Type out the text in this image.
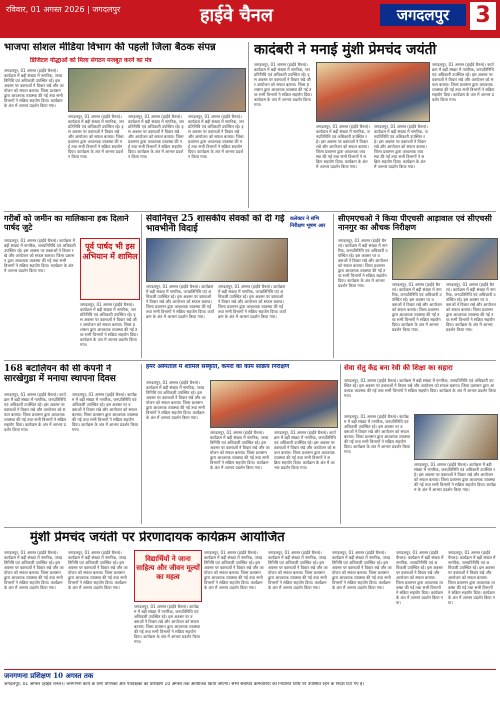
रविवार, 01 अगस्त 2026 | जगदलपुर	हाईवे चैनल	जगदलपुर	3
भाजपा सोशल मीडिया विभाग की पहली जिला बैठक संपन्न
डिजिटल योद्धाओं को मिला संगठन मजबूत करने का मंत्र
जगदलपुर, 01 अगस्त (हाईवे चैनल)। कार्यक्रम में बड़ी संख्या में नागरिक, जनप्रतिनिधि एवं अधिकारी उपस्थित रहे। इस अवसर पर वक्ताओं ने विचार रखे और आयोजन को सफल बताया। जिला प्रशासन द्वारा आवश्यक व्यवस्था की गई तथा सभी विभागों ने सक्रिय सहयोग दिया। कार्यक्रम के अंत में आभार प्रदर्शन किया गया।
जगदलपुर, 01 अगस्त (हाईवे चैनल)। कार्यक्रम में बड़ी संख्या में नागरिक, जनप्रतिनिधि एवं अधिकारी उपस्थित रहे। इस अवसर पर वक्ताओं ने विचार रखे और आयोजन को सफल बताया। जिला प्रशासन द्वारा आवश्यक व्यवस्था की गई तथा सभी विभागों ने सक्रिय सहयोग दिया। कार्यक्रम के अंत में आभार प्रदर्शन किया गया।
जगदलपुर, 01 अगस्त (हाईवे चैनल)। कार्यक्रम में बड़ी संख्या में नागरिक, जनप्रतिनिधि एवं अधिकारी उपस्थित रहे। इस अवसर पर वक्ताओं ने विचार रखे और आयोजन को सफल बताया। जिला प्रशासन द्वारा आवश्यक व्यवस्था की गई तथा सभी विभागों ने सक्रिय सहयोग दिया। कार्यक्रम के अंत में आभार प्रदर्शन किया गया।
जगदलपुर, 01 अगस्त (हाईवे चैनल)। कार्यक्रम में बड़ी संख्या में नागरिक, जनप्रतिनिधि एवं अधिकारी उपस्थित रहे। इस अवसर पर वक्ताओं ने विचार रखे और आयोजन को सफल बताया। जिला प्रशासन द्वारा आवश्यक व्यवस्था की गई तथा सभी विभागों ने सक्रिय सहयोग दिया। कार्यक्रम के अंत में आभार प्रदर्शन किया गया।
कादंबरी ने मनाई मुंशी प्रेमचंद जयंती
जगदलपुर, 01 अगस्त (हाईवे चैनल)। कार्यक्रम में बड़ी संख्या में नागरिक, जनप्रतिनिधि एवं अधिकारी उपस्थित रहे। इस अवसर पर वक्ताओं ने विचार रखे और आयोजन को सफल बताया। जिला प्रशासन द्वारा आवश्यक व्यवस्था की गई तथा सभी विभागों ने सक्रिय सहयोग दिया। कार्यक्रम के अंत में आभार प्रदर्शन किया गया।
जगदलपुर, 01 अगस्त (हाईवे चैनल)। कार्यक्रम में बड़ी संख्या में नागरिक, जनप्रतिनिधि एवं अधिकारी उपस्थित रहे। इस अवसर पर वक्ताओं ने विचार रखे और आयोजन को सफल बताया। जिला प्रशासन द्वारा आवश्यक व्यवस्था की गई तथा सभी विभागों ने सक्रिय सहयोग दिया। कार्यक्रम के अंत में आभार प्रदर्शन किया गया।
जगदलपुर, 01 अगस्त (हाईवे चैनल)। कार्यक्रम में बड़ी संख्या में नागरिक, जनप्रतिनिधि एवं अधिकारी उपस्थित रहे। इस अवसर पर वक्ताओं ने विचार रखे और आयोजन को सफल बताया। जिला प्रशासन द्वारा आवश्यक व्यवस्था की गई तथा सभी विभागों ने सक्रिय सहयोग दिया। कार्यक्रम के अंत में आभार प्रदर्शन किया गया।
जगदलपुर, 01 अगस्त (हाईवे चैनल)। कार्यक्रम में बड़ी संख्या में नागरिक, जनप्रतिनिधि एवं अधिकारी उपस्थित रहे। इस अवसर पर वक्ताओं ने विचार रखे और आयोजन को सफल बताया। जिला प्रशासन द्वारा आवश्यक व्यवस्था की गई तथा सभी विभागों ने सक्रिय सहयोग दिया। कार्यक्रम के अंत में आभार प्रदर्शन किया गया।
गरीबों को जमीन का मालिकाना हक दिलाने पार्षद जुटे
पूर्व पार्षद भी इस अभियान में शामिल
जगदलपुर, 01 अगस्त (हाईवे चैनल)। कार्यक्रम में बड़ी संख्या में नागरिक, जनप्रतिनिधि एवं अधिकारी उपस्थित रहे। इस अवसर पर वक्ताओं ने विचार रखे और आयोजन को सफल बताया। जिला प्रशासन द्वारा आवश्यक व्यवस्था की गई तथा सभी विभागों ने सक्रिय सहयोग दिया। कार्यक्रम के अंत में आभार प्रदर्शन किया गया।
जगदलपुर, 01 अगस्त (हाईवे चैनल)। कार्यक्रम में बड़ी संख्या में नागरिक, जनप्रतिनिधि एवं अधिकारी उपस्थित रहे। इस अवसर पर वक्ताओं ने विचार रखे और आयोजन को सफल बताया। जिला प्रशासन द्वारा आवश्यक व्यवस्था की गई तथा सभी विभागों ने सक्रिय सहयोग दिया। कार्यक्रम के अंत में आभार प्रदर्शन किया गया।
सेवानिवृत्त 25 शासकीय सेवकों को दी गई भावभीनी विदाई
कलेक्टर ने संभि निरीक्षण भूषण आर
जगदलपुर, 01 अगस्त (हाईवे चैनल)। कार्यक्रम में बड़ी संख्या में नागरिक, जनप्रतिनिधि एवं अधिकारी उपस्थित रहे। इस अवसर पर वक्ताओं ने विचार रखे और आयोजन को सफल बताया। जिला प्रशासन द्वारा आवश्यक व्यवस्था की गई तथा सभी विभागों ने सक्रिय सहयोग दिया। कार्यक्रम के अंत में आभार प्रदर्शन किया गया।
जगदलपुर, 01 अगस्त (हाईवे चैनल)। कार्यक्रम में बड़ी संख्या में नागरिक, जनप्रतिनिधि एवं अधिकारी उपस्थित रहे। इस अवसर पर वक्ताओं ने विचार रखे और आयोजन को सफल बताया। जिला प्रशासन द्वारा आवश्यक व्यवस्था की गई तथा सभी विभागों ने सक्रिय सहयोग दिया। कार्यक्रम के अंत में आभार प्रदर्शन किया गया।
सीएमएचओ ने किया पीएचसी आड़ावाल एवं सीएचसी नानगुर का औचक निरीक्षण
जगदलपुर, 01 अगस्त (हाईवे चैनल)। कार्यक्रम में बड़ी संख्या में नागरिक, जनप्रतिनिधि एवं अधिकारी उपस्थित रहे। इस अवसर पर वक्ताओं ने विचार रखे और आयोजन को सफल बताया। जिला प्रशासन द्वारा आवश्यक व्यवस्था की गई तथा सभी विभागों ने सक्रिय सहयोग दिया। कार्यक्रम के अंत में आभार प्रदर्शन किया गया।	जगदलपुर, 01 अगस्त (हाईवे चैनल)। कार्यक्रम में बड़ी संख्या में नागरिक, जनप्रतिनिधि एवं अधिकारी उपस्थित रहे। इस अवसर पर वक्ताओं ने विचार रखे और आयोजन को सफल बताया। जिला प्रशासन द्वारा आवश्यक व्यवस्था की गई तथा सभी विभागों ने सक्रिय सहयोग दिया। कार्यक्रम के अंत में आभार प्रदर्शन किया गया।
जगदलपुर, 01 अगस्त (हाईवे चैनल)। कार्यक्रम में बड़ी संख्या में नागरिक, जनप्रतिनिधि एवं अधिकारी उपस्थित रहे। इस अवसर पर वक्ताओं ने विचार रखे और आयोजन को सफल बताया। जिला प्रशासन द्वारा आवश्यक व्यवस्था की गई तथा सभी विभागों ने सक्रिय सहयोग दिया। कार्यक्रम के अंत में आभार प्रदर्शन किया गया।
168 बटालियन की सी कंपनी ने सारखेगुडा में मनाया स्थापना दिवस
जगदलपुर, 01 अगस्त (हाईवे चैनल)। कार्यक्रम में बड़ी संख्या में नागरिक, जनप्रतिनिधि एवं अधिकारी उपस्थित रहे। इस अवसर पर वक्ताओं ने विचार रखे और आयोजन को सफल बताया। जिला प्रशासन द्वारा आवश्यक व्यवस्था की गई तथा सभी विभागों ने सक्रिय सहयोग दिया। कार्यक्रम के अंत में आभार प्रदर्शन किया गया।
जगदलपुर, 01 अगस्त (हाईवे चैनल)। कार्यक्रम में बड़ी संख्या में नागरिक, जनप्रतिनिधि एवं अधिकारी उपस्थित रहे। इस अवसर पर वक्ताओं ने विचार रखे और आयोजन को सफल बताया। जिला प्रशासन द्वारा आवश्यक व्यवस्था की गई तथा सभी विभागों ने सक्रिय सहयोग दिया। कार्यक्रम के अंत में आभार प्रदर्शन किया गया।
हमर अस्पताल में शामिल संस्कृति, कमरों का काम सक्रिय निरीक्षण
जगदलपुर, 01 अगस्त (हाईवे चैनल)। कार्यक्रम में बड़ी संख्या में नागरिक, जनप्रतिनिधि एवं अधिकारी उपस्थित रहे। इस अवसर पर वक्ताओं ने विचार रखे और आयोजन को सफल बताया। जिला प्रशासन द्वारा आवश्यक व्यवस्था की गई तथा सभी विभागों ने सक्रिय सहयोग दिया। कार्यक्रम के अंत में आभार प्रदर्शन किया गया।
जगदलपुर, 01 अगस्त (हाईवे चैनल)। कार्यक्रम में बड़ी संख्या में नागरिक, जनप्रतिनिधि एवं अधिकारी उपस्थित रहे। इस अवसर पर वक्ताओं ने विचार रखे और आयोजन को सफल बताया। जिला प्रशासन द्वारा आवश्यक व्यवस्था की गई तथा सभी विभागों ने सक्रिय सहयोग दिया। कार्यक्रम के अंत में आभार प्रदर्शन किया गया।
जगदलपुर, 01 अगस्त (हाईवे चैनल)। कार्यक्रम में बड़ी संख्या में नागरिक, जनप्रतिनिधि एवं अधिकारी उपस्थित रहे। इस अवसर पर वक्ताओं ने विचार रखे और आयोजन को सफल बताया। जिला प्रशासन द्वारा आवश्यक व्यवस्था की गई तथा सभी विभागों ने सक्रिय सहयोग दिया। कार्यक्रम के अंत में आभार प्रदर्शन किया गया।
सेवा सेतु केंद्र बना रेवी की शिक्षा का सहारा
जगदलपुर, 01 अगस्त (हाईवे चैनल)। कार्यक्रम में बड़ी संख्या में नागरिक, जनप्रतिनिधि एवं अधिकारी उपस्थित रहे। इस अवसर पर वक्ताओं ने विचार रखे और आयोजन को सफल बताया। जिला प्रशासन द्वारा आवश्यक व्यवस्था की गई तथा सभी विभागों ने सक्रिय सहयोग दिया। कार्यक्रम के अंत में आभार प्रदर्शन किया गया।
जगदलपुर, 01 अगस्त (हाईवे चैनल)। कार्यक्रम में बड़ी संख्या में नागरिक, जनप्रतिनिधि एवं अधिकारी उपस्थित रहे। इस अवसर पर वक्ताओं ने विचार रखे और आयोजन को सफल बताया। जिला प्रशासन द्वारा आवश्यक व्यवस्था की गई तथा सभी विभागों ने सक्रिय सहयोग दिया। कार्यक्रम के अंत में आभार प्रदर्शन किया गया।
जगदलपुर, 01 अगस्त (हाईवे चैनल)। कार्यक्रम में बड़ी संख्या में नागरिक, जनप्रतिनिधि एवं अधिकारी उपस्थित रहे। इस अवसर पर वक्ताओं ने विचार रखे और आयोजन को सफल बताया। जिला प्रशासन द्वारा आवश्यक व्यवस्था की गई तथा सभी विभागों ने सक्रिय सहयोग दिया। कार्यक्रम के अंत में आभार प्रदर्शन किया गया।
मुंशी प्रेमचंद जयंती पर प्रेरणादायक कार्यक्रम आयोजित
जगदलपुर, 01 अगस्त (हाईवे चैनल)। कार्यक्रम में बड़ी संख्या में नागरिक, जनप्रतिनिधि एवं अधिकारी उपस्थित रहे। इस अवसर पर वक्ताओं ने विचार रखे और आयोजन को सफल बताया। जिला प्रशासन द्वारा आवश्यक व्यवस्था की गई तथा सभी विभागों ने सक्रिय सहयोग दिया। कार्यक्रम के अंत में आभार प्रदर्शन किया गया।
जगदलपुर, 01 अगस्त (हाईवे चैनल)। कार्यक्रम में बड़ी संख्या में नागरिक, जनप्रतिनिधि एवं अधिकारी उपस्थित रहे। इस अवसर पर वक्ताओं ने विचार रखे और आयोजन को सफल बताया। जिला प्रशासन द्वारा आवश्यक व्यवस्था की गई तथा सभी विभागों ने सक्रिय सहयोग दिया। कार्यक्रम के अंत में आभार प्रदर्शन किया गया।
विद्यार्थियों ने जाना साहित्य और जीवन मूल्यों का महत्व
जगदलपुर, 01 अगस्त (हाईवे चैनल)। कार्यक्रम में बड़ी संख्या में नागरिक, जनप्रतिनिधि एवं अधिकारी उपस्थित रहे। इस अवसर पर वक्ताओं ने विचार रखे और आयोजन को सफल बताया। जिला प्रशासन द्वारा आवश्यक व्यवस्था की गई तथा सभी विभागों ने सक्रिय सहयोग दिया। कार्यक्रम के अंत में आभार प्रदर्शन किया गया।
जगदलपुर, 01 अगस्त (हाईवे चैनल)। कार्यक्रम में बड़ी संख्या में नागरिक, जनप्रतिनिधि एवं अधिकारी उपस्थित रहे। इस अवसर पर वक्ताओं ने विचार रखे और आयोजन को सफल बताया। जिला प्रशासन द्वारा आवश्यक व्यवस्था की गई तथा सभी विभागों ने सक्रिय सहयोग दिया। कार्यक्रम के अंत में आभार प्रदर्शन किया गया।
जगदलपुर, 01 अगस्त (हाईवे चैनल)। कार्यक्रम में बड़ी संख्या में नागरिक, जनप्रतिनिधि एवं अधिकारी उपस्थित रहे। इस अवसर पर वक्ताओं ने विचार रखे और आयोजन को सफल बताया। जिला प्रशासन द्वारा आवश्यक व्यवस्था की गई तथा सभी विभागों ने सक्रिय सहयोग दिया। कार्यक्रम के अंत में आभार प्रदर्शन किया गया।
जगदलपुर, 01 अगस्त (हाईवे चैनल)। कार्यक्रम में बड़ी संख्या में नागरिक, जनप्रतिनिधि एवं अधिकारी उपस्थित रहे। इस अवसर पर वक्ताओं ने विचार रखे और आयोजन को सफल बताया। जिला प्रशासन द्वारा आवश्यक व्यवस्था की गई तथा सभी विभागों ने सक्रिय सहयोग दिया। कार्यक्रम के अंत में आभार प्रदर्शन किया गया।
जगदलपुर, 01 अगस्त (हाईवे चैनल)। कार्यक्रम में बड़ी संख्या में नागरिक, जनप्रतिनिधि एवं अधिकारी उपस्थित रहे। इस अवसर पर वक्ताओं ने विचार रखे और आयोजन को सफल बताया। जिला प्रशासन द्वारा आवश्यक व्यवस्था की गई तथा सभी विभागों ने सक्रिय सहयोग दिया। कार्यक्रम के अंत में आभार प्रदर्शन किया गया।
जगदलपुर, 01 अगस्त (हाईवे चैनल)। कार्यक्रम में बड़ी संख्या में नागरिक, जनप्रतिनिधि एवं अधिकारी उपस्थित रहे। इस अवसर पर वक्ताओं ने विचार रखे और आयोजन को सफल बताया। जिला प्रशासन द्वारा आवश्यक व्यवस्था की गई तथा सभी विभागों ने सक्रिय सहयोग दिया। कार्यक्रम के अंत में आभार प्रदर्शन किया गया।
जनगणना प्रशिक्षण 10 अगस्त तक
जगदलपुर, 01 अगस्त (हाईवे चैनल)। जनगणना कार्य के लिए प्रगणकों और पर्यवेक्षकों का प्रशिक्षण 10 अगस्त तक आयोजित किया जाएगा। सभी संबंधित कर्मचारियों को निर्धारित तिथि पर उपस्थित रहने के निर्देश दिए गए हैं।
